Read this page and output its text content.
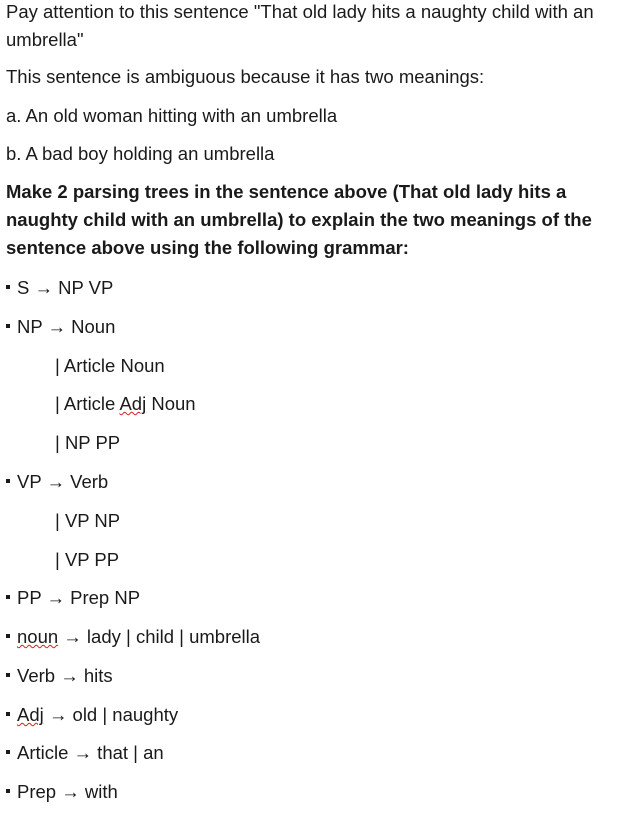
Pay attention to this sentence "That old lady hits a naughty child with an umbrella"

This sentence is ambiguous because it has two meanings:

a. An old woman hitting with an umbrella

b. A bad boy holding an umbrella

Make 2 parsing trees in the sentence above (That old lady hits a naughty child with an umbrella) to explain the two meanings of the sentence above using the following grammar:

S → NP VP

NP → Noun

| Article Noun

| Article Adj Noun

| NP PP

VP → Verb

| VP NP

| VP PP

PP → Prep NP

noun → lady | child | umbrella

Verb → hits

Adj → old | naughty

Article → that | an

Prep → with
